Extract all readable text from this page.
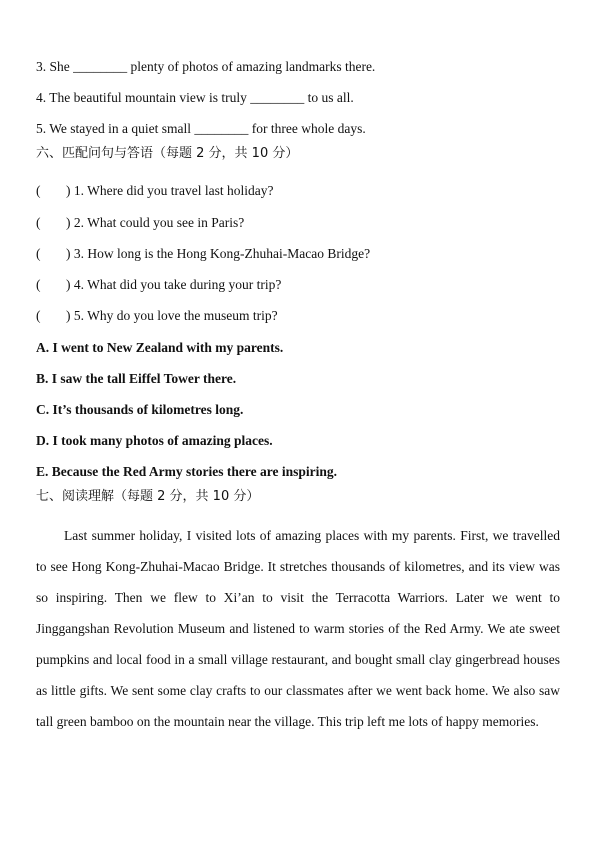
3. She ________ plenty of photos of amazing landmarks there.
4. The beautiful mountain view is truly ________ to us all.
5. We stayed in a quiet small ________ for three whole days.
六、匹配问句与答语（每题 2 分，共 10 分）
( ) 1. Where did you travel last holiday?
( ) 2. What could you see in Paris?
( ) 3. How long is the Hong Kong-Zhuhai-Macao Bridge?
( ) 4. What did you take during your trip?
( ) 5. Why do you love the museum trip?
A. I went to New Zealand with my parents.
B. I saw the tall Eiffel Tower there.
C. It’s thousands of kilometres long.
D. I took many photos of amazing places.
E. Because the Red Army stories there are inspiring.
七、阅读理解（每题 2 分，共 10 分）
Last summer holiday, I visited lots of amazing places with my parents. First, we travelled to see Hong Kong-Zhuhai-Macao Bridge. It stretches thousands of kilometres, and its view was so inspiring. Then we flew to Xi’an to visit the Terracotta Warriors. Later we went to Jinggangshan Revolution Museum and listened to warm stories of the Red Army. We ate sweet pumpkins and local food in a small village restaurant, and bought small clay gingerbread houses as little gifts. We sent some clay crafts to our classmates after we went back home. We also saw tall green bamboo on the mountain near the village. This trip left me lots of happy memories.
